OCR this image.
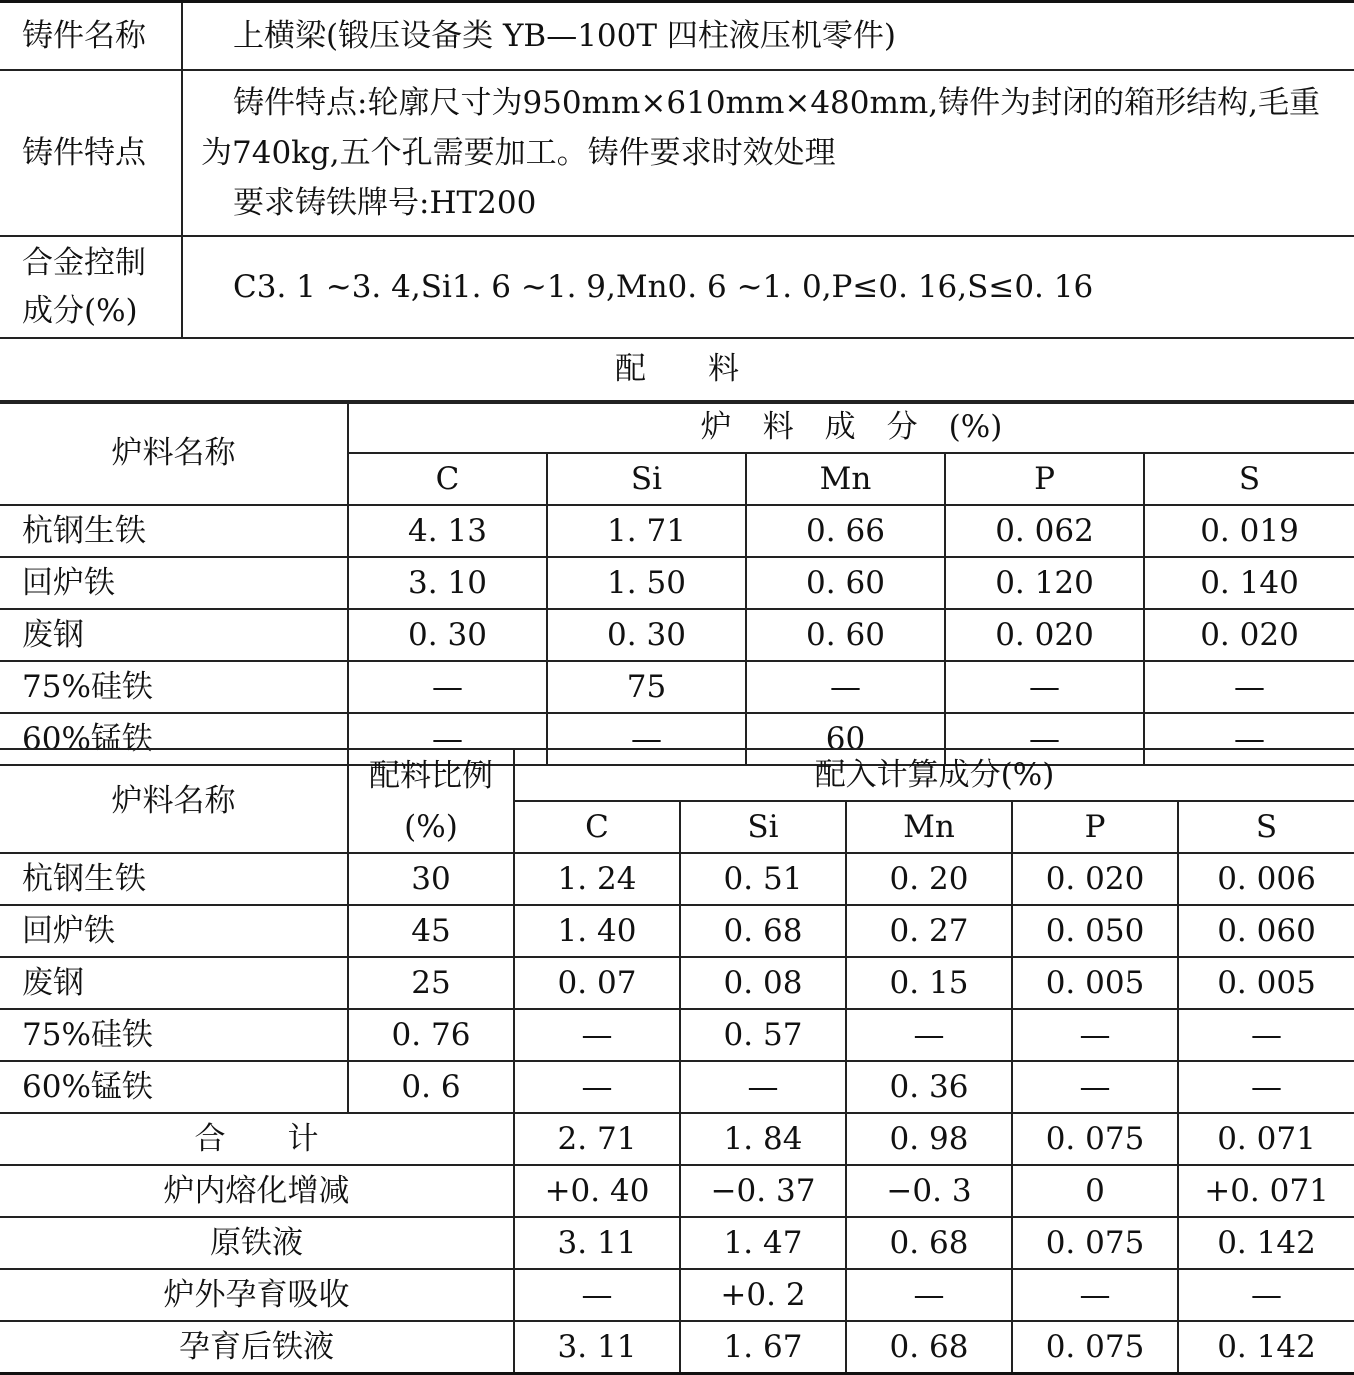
铸件名称	上横梁(锻压设备类 YB—100T 四柱液压机零件)
铸件特点	铸件特点:轮廓尺寸为950mm×610mm×480mm,铸件为封闭的箱形结构,毛重
为740kg,五个孔需要加工。铸件要求时效处理
要求铸铁牌号:HT200

合金控制
成分(%)	C3. 1 ~3. 4,Si1. 6 ~1. 9,Mn0. 6 ~1. 0,P≤0. 16,S≤0. 16
配　　料
炉料名称	炉　料　成　分　(%)				
	C	Si	Mn	P	S
杭钢生铁	4. 13	1. 71	0. 66	0. 062	0. 019
回炉铁	3. 10	1. 50	0. 60	0. 120	0. 140
废钢	0. 30	0. 30	0. 60	0. 020	0. 020
75%硅铁	—	75	—	—	—
60%锰铁	—	—	60	—	—
炉料名称	配料比例	配入计算成分(%)				
	(%)	C	Si	Mn	P	S
杭钢生铁	30	1. 24	0. 51	0. 20	0. 020	0. 006
回炉铁	45	1. 40	0. 68	0. 27	0. 050	0. 060
废钢	25	0. 07	0. 08	0. 15	0. 005	0. 005
75%硅铁	0. 76	—	0. 57	—	—	—
60%锰铁	0. 6	—	—	0. 36	—	—
合　　计		2. 71	1. 84	0. 98	0. 075	0. 071
炉内熔化增减		+0. 40	−0. 37	−0. 3	0	+0. 071
原铁液		3. 11	1. 47	0. 68	0. 075	0. 142
炉外孕育吸收		—	+0. 2	—	—	—
孕育后铁液		3. 11	1. 67	0. 68	0. 075	0. 142
